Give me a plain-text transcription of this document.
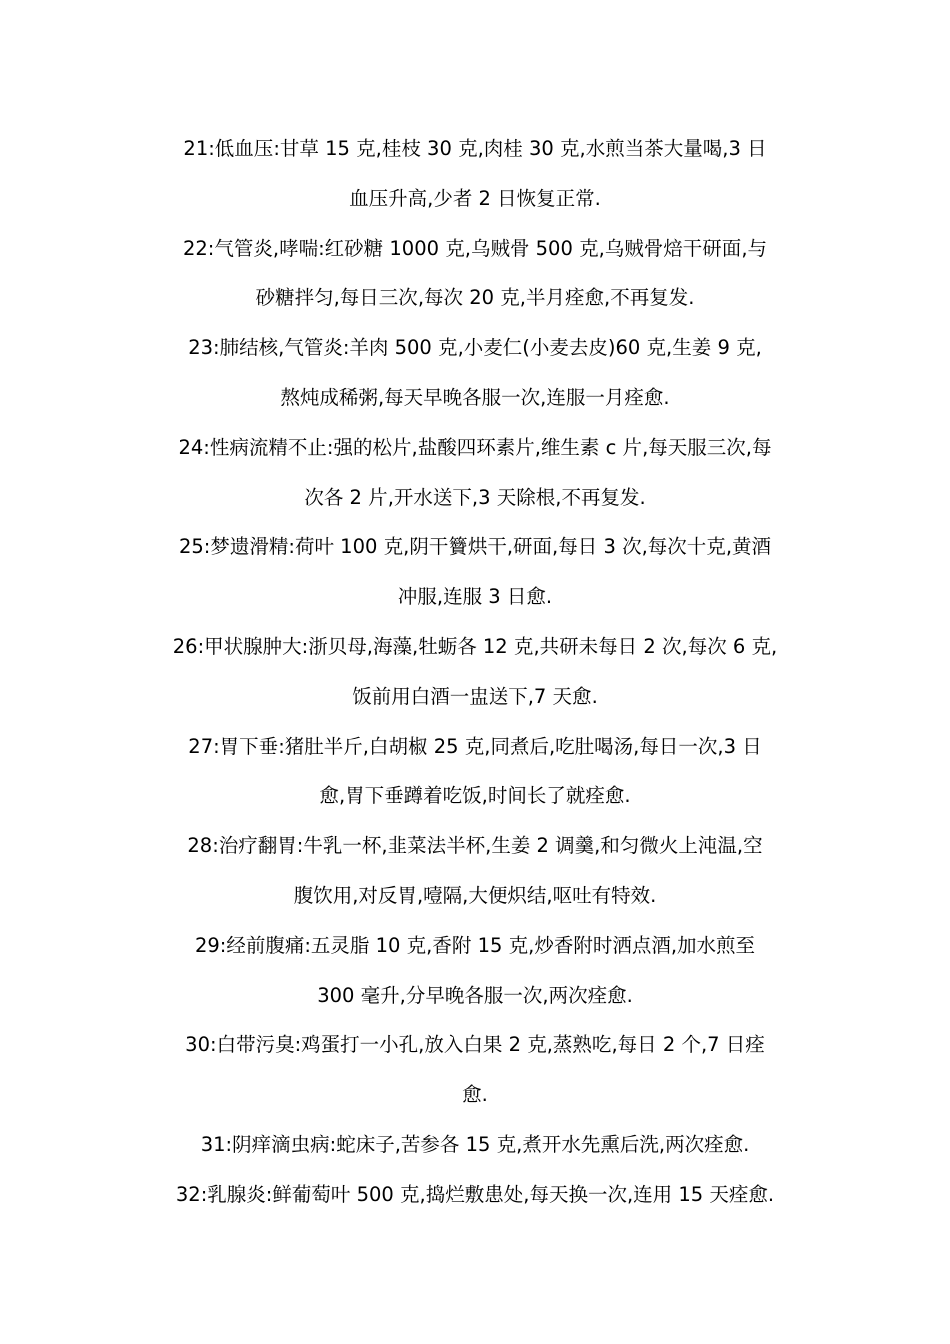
21:低血压:甘草 15 克,桂枝 30 克,肉桂 30 克,水煎当茶大量喝,3 日
血压升高,少者 2 日恢复正常.
22:气管炎,哮喘:红砂糖 1000 克,乌贼骨 500 克,乌贼骨焙干研面,与
砂糖拌匀,每日三次,每次 20 克,半月痊愈,不再复发.
23:肺结核,气管炎:羊肉 500 克,小麦仁(小麦去皮)60 克,生姜 9 克,
熬炖成稀粥,每天早晚各服一次,连服一月痊愈.
24:性病流精不止:强的松片,盐酸四环素片,维生素 c 片,每天服三次,每
次各 2 片,开水送下,3 天除根,不再复发.
25:梦遗滑精:荷叶 100 克,阴干籫烘干,研面,每日 3 次,每次十克,黄酒
冲服,连服 3 日愈.
26:甲状腺肿大:浙贝母,海藻,牡蛎各 12 克,共研未每日 2 次,每次 6 克,
饭前用白酒一盅送下,7 天愈.
27:胃下垂:猪肚半斤,白胡椒 25 克,同煮后,吃肚喝汤,每日一次,3 日
愈,胃下垂蹲着吃饭,时间长了就痊愈.
28:治疗翻胃:牛乳一杯,韭菜法半杯,生姜 2 调羹,和匀微火上沌温,空
腹饮用,对反胃,噎隔,大便炽结,呕吐有特效.
29:经前腹痛:五灵脂 10 克,香附 15 克,炒香附时洒点酒,加水煎至
300 毫升,分早晚各服一次,两次痊愈.
30:白带污臭:鸡蛋打一小孔,放入白果 2 克,蒸熟吃,每日 2 个,7 日痊
愈.
31:阴痒滴虫病:蛇床子,苦参各 15 克,煮开水先熏后洗,两次痊愈.
32:乳腺炎:鲜葡萄叶 500 克,捣烂敷患处,每天换一次,连用 15 天痊愈.
